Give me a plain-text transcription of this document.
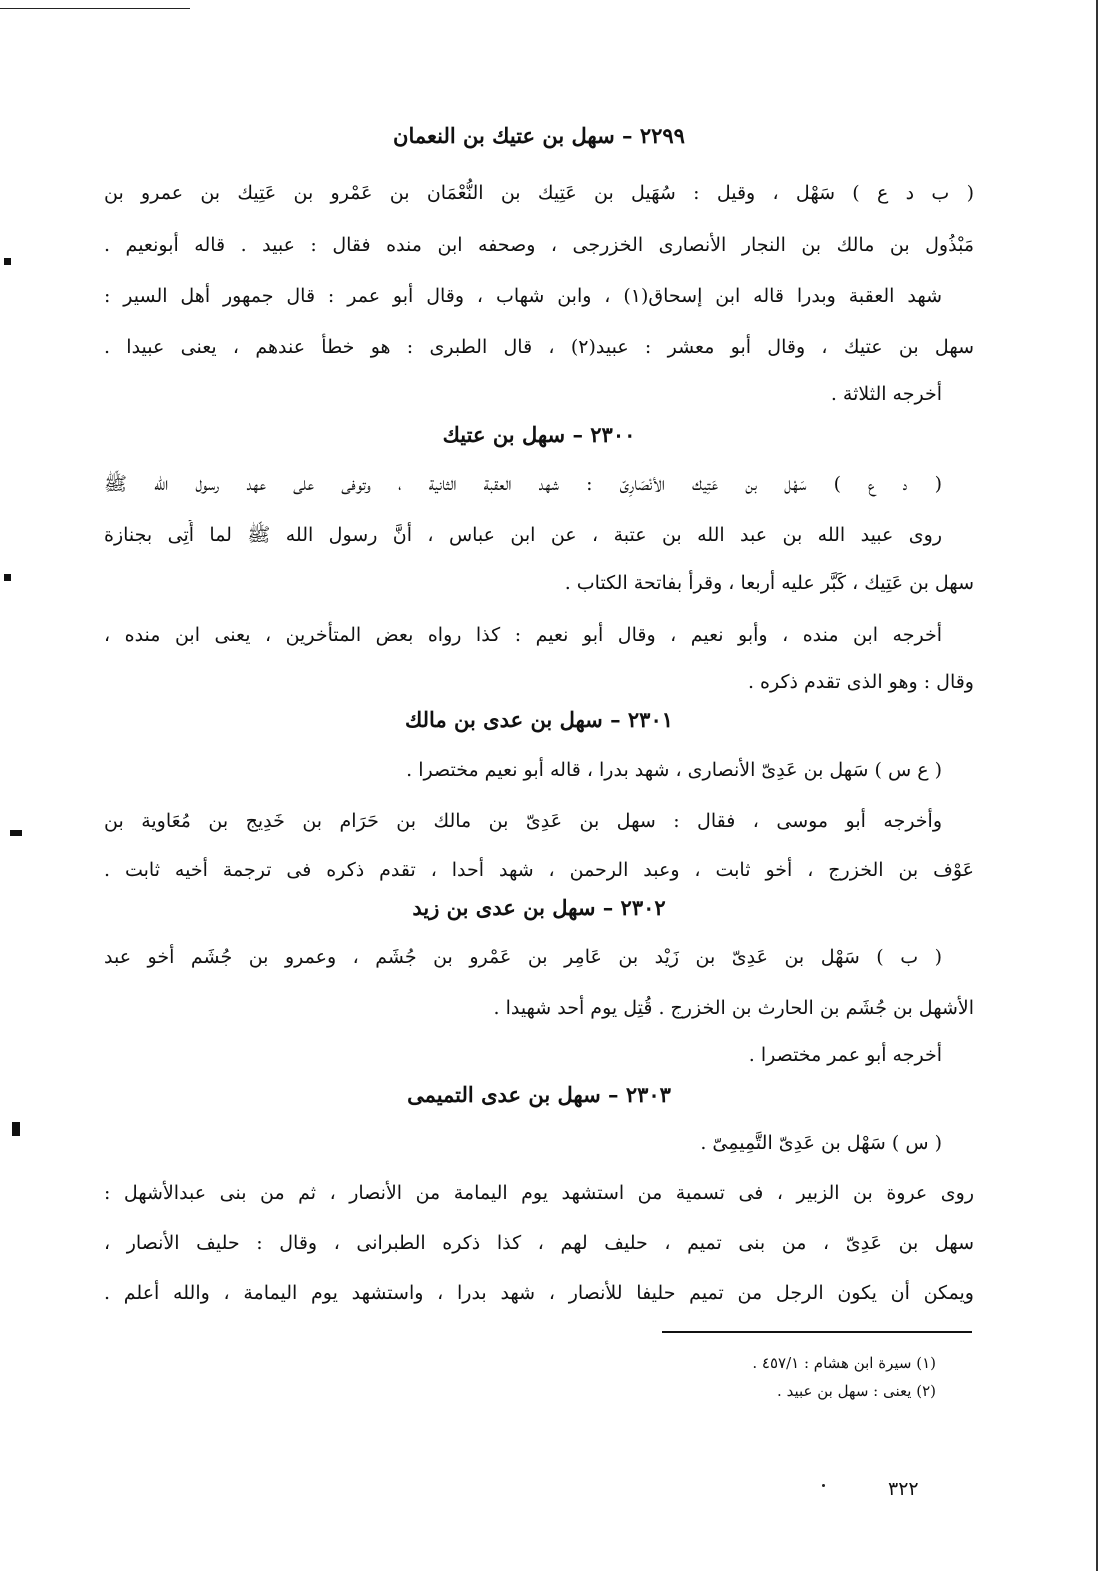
٢٢٩٩ – سهل بن عتيك بن النعمان
( ب د ع ) سَهْل ، وقيل : سُهَيل بن عَتِيك بن النُّعْمَان بن عَمْرو بن عَتِيك بن عمرو بن
مَبْذُول بن مالك بن النجار الأنصارى الخزرجى ، وصحفه ابن منده فقال : عبيد . قاله أبونعيم .
شهد العقبة وبدرا قاله ابن إسحاق(١) ، وابن شهاب ، وقال أبو عمر : قال جمهور أهل السير :
سهل بن عتيك ، وقال أبو معشر : عبيد(٢) ، قال الطبرى : هو خطأ عندهم ، يعنى عبيدا .
أخرجه الثلاثة .
٢٣٠٠ – سهل بن عتيك
( د ع ) سَهْل بن عَتِيك الأنْصَارِىّ : شهد العقبة الثانية ، وتوفى على عهد رسول الله ﷺ
روى عبيد الله بن عبد الله بن عتبة ، عن ابن عباس ، أنَّ رسول الله ﷺ لما أُتِى بجنازة
سهل بن عَتِيك ، كَبَّر عليه أربعا ، وقرأ بفاتحة الكتاب .
أخرجه ابن منده ، وأبو نعيم ، وقال أبو نعيم : كذا رواه بعض المتأخرين ، يعنى ابن منده ،
وقال : وهو الذى تقدم ذكره .
٢٣٠١ – سهل بن عدى بن مالك
( ع س ) سَهل بن عَدِىّ الأنصارى ، شهد بدرا ، قاله أبو نعيم مختصرا .
وأخرجه أبو موسى ، فقال : سهل بن عَدِىّ بن مالك بن حَرَام بن خَدِيج بن مُعَاوية بن
عَوْف بن الخزرج ، أخو ثابت ، وعبد الرحمن ، شهد أحدا ، تقدم ذكره فى ترجمة أخيه ثابت .
٢٣٠٢ – سهل بن عدى بن زيد
( ب ) سَهْل بن عَدِىّ بن زَيْد بن عَامِر بن عَمْرو بن جُشَم ، وعمرو بن جُشَم أخو عبد
الأشهل بن جُشَم بن الحارث بن الخزرج . قُتِل يوم أحد شهيدا .
أخرجه أبو عمر مختصرا .
٢٣٠٣ – سهل بن عدى التميمى
( س ) سَهْل بن عَدِىّ التَّمِيمِىّ .
روى عروة بن الزبير ، فى تسمية من استشهد يوم اليمامة من الأنصار ، ثم من بنى عبدالأشهل :
سهل بن عَدِىّ ، من بنى تميم ، حليف لهم ، كذا ذكره الطبرانى ، وقال : حليف الأنصار ،
ويمكن أن يكون الرجل من تميم حليفا للأنصار ، شهد بدرا ، واستشهد يوم اليمامة ، والله أعلم .
(١) سيرة ابن هشام : ٤٥٧/١ .
(٢) يعنى : سهل بن عبيد .
٣٢٢
